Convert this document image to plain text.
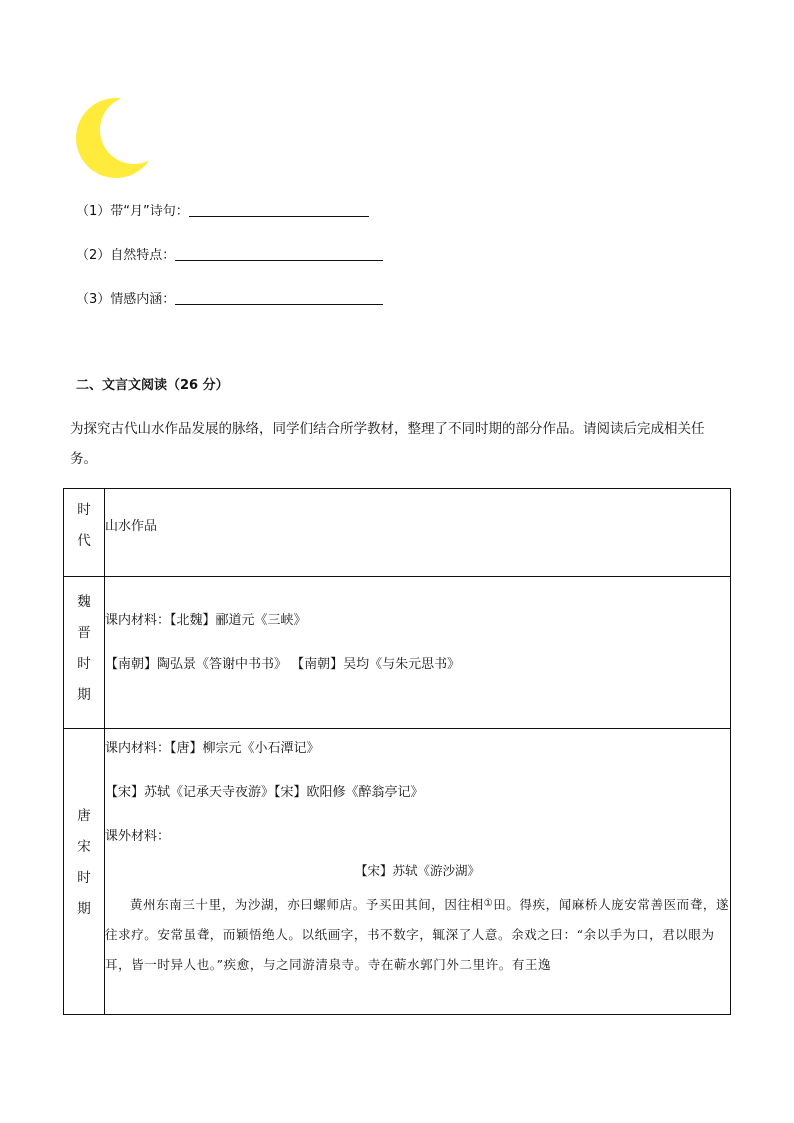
（1）带“月”诗句：
（2）自然特点：
（3）情感内涵：
二、文言文阅读（26 分）
为探究古代山水作品发展的脉络，同学们结合所学教材，整理了不同时期的部分作品。请阅读后完成相关任务。
时代	山水作品

魏晋时期	课内材料：【北魏】郦道元《三峡》
【南朝】陶弘景《答谢中书书》 【南朝】吴均《与朱元思书》

唐宋时期	课内材料：【唐】柳宗元《小石潭记》
【宋】苏轼《记承天寺夜游》【宋】欧阳修《醉翁亭记》
课外材料：
【宋】苏轼《游沙湖》
黄州东南三十里，为沙湖，亦曰螺师店。予买田其间，因往相①田。得疾，闻麻桥人庞安常善医而聋，遂往求疗。安常虽聋，而颖悟绝人。以纸画字，书不数字，辄深了人意。余戏之曰：“余以手为口，君以眼为耳，皆一时异人也。”疾愈，与之同游清泉寺。寺在蕲水郭门外二里许。有王逸
